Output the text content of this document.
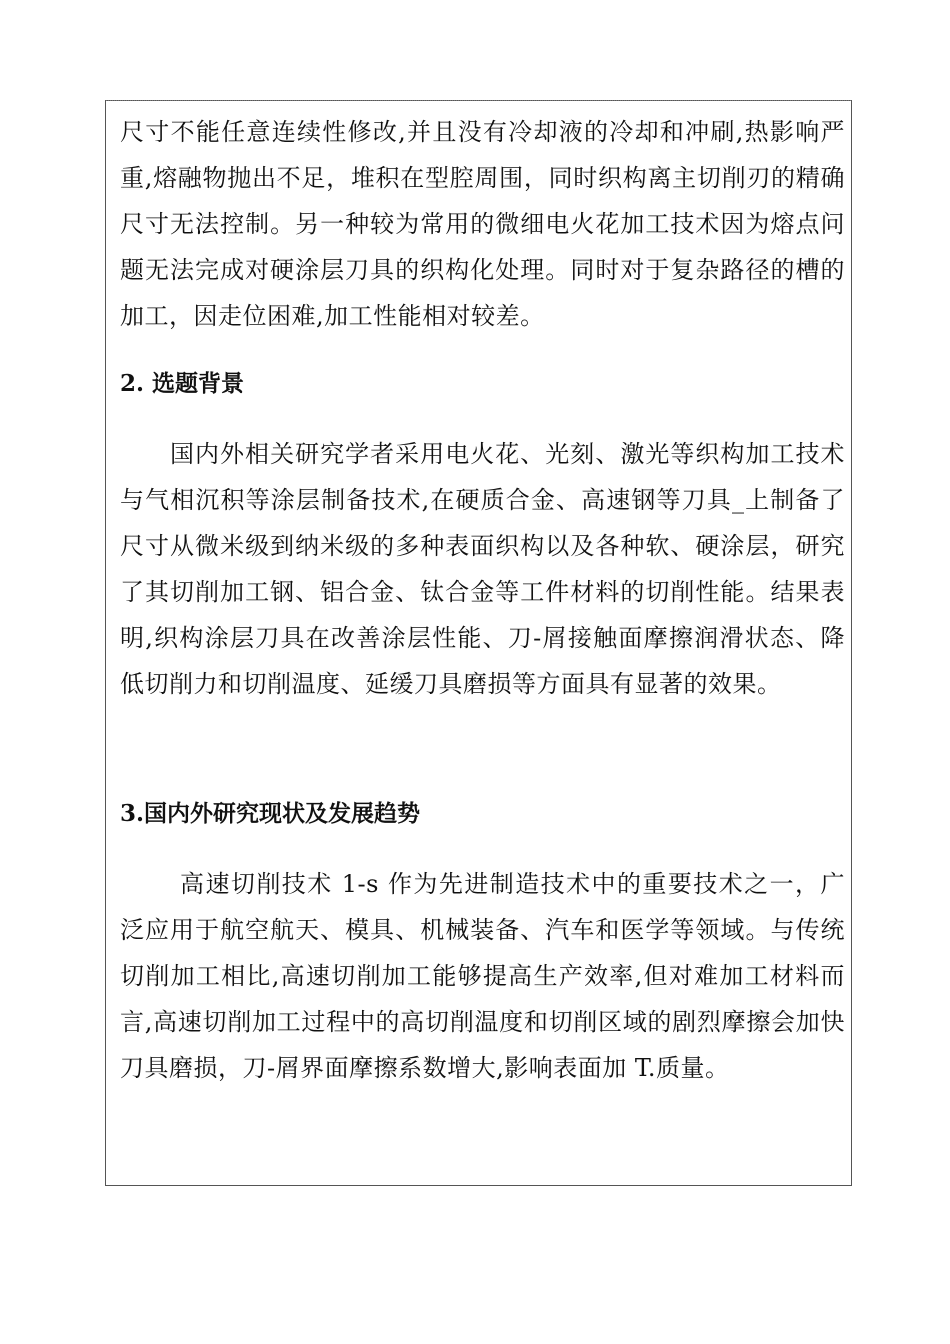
尺寸不能任意连续性修改,并且没有冷却液的冷却和冲刷,热影响严重,熔融物抛出不足，堆积在型腔周围，同时织构离主切削刃的精确尺寸无法控制。另一种较为常用的微细电火花加工技术因为熔点问题无法完成对硬涂层刀具的织构化处理。同时对于复杂路径的槽的加工，因走位困难,加工性能相对较差。

2. 选题背景

国内外相关研究学者采用电火花、光刻、激光等织构加工技术与气相沉积等涂层制备技术,在硬质合金、高速钢等刀具_上制备了尺寸从微米级到纳米级的多种表面织构以及各种软、硬涂层，研究了其切削加工钢、铝合金、钛合金等工件材料的切削性能。结果表明,织构涂层刀具在改善涂层性能、刀-屑接触面摩擦润滑状态、降低切削力和切削温度、延缓刀具磨损等方面具有显著的效果。

3.国内外研究现状及发展趋势

高速切削技术 1-s 作为先进制造技术中的重要技术之一，广泛应用于航空航天、模具、机械装备、汽车和医学等领域。与传统切削加工相比,高速切削加工能够提高生产效率,但对难加工材料而言,高速切削加工过程中的高切削温度和切削区域的剧烈摩擦会加快刀具磨损，刀-屑界面摩擦系数增大,影响表面加 T.质量。
